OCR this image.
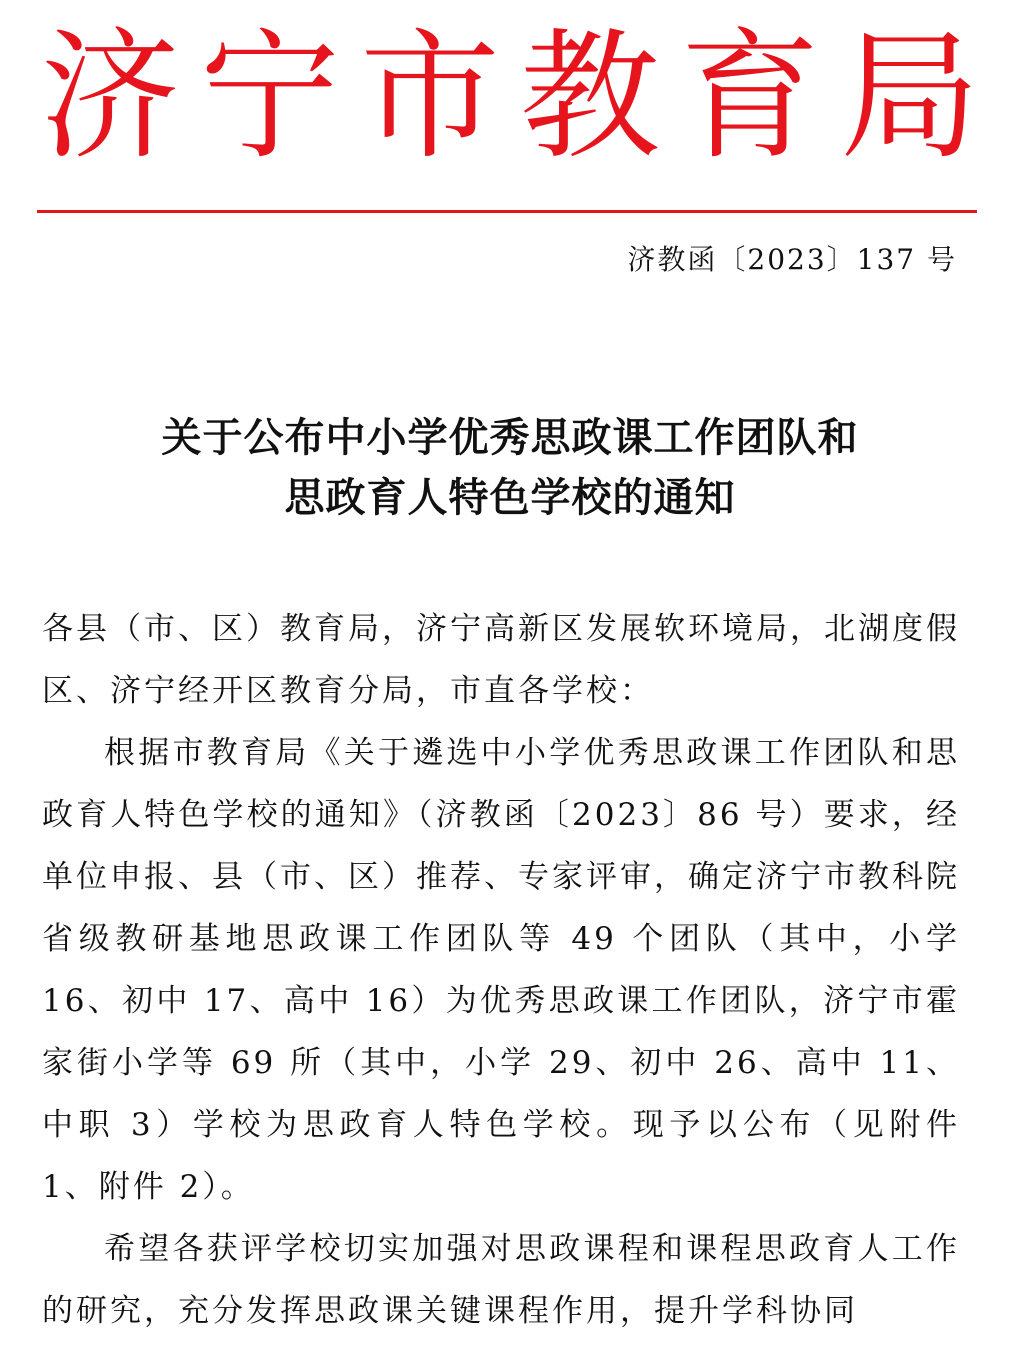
济 宁 市 教 育 局
济教函〔2023〕137 号
关于公布中小学优秀思政课工作团队和
思政育人特色学校的通知

各县（市、区）教育局，济宁高新区发展软环境局，北湖度假区、济宁经开区教育分局，市直各学校：

根据市教育局《关于遴选中小学优秀思政课工作团队和思政育人特色学校的通知》（济教函〔2023〕86 号）要求，经单位申报、县（市、区）推荐、专家评审，确定济宁市教科院省级教研基地思政课工作团队等 49 个团队（其中，小学 16、初中 17、高中 16）为优秀思政课工作团队，济宁市霍家街小学等 69 所（其中，小学 29、初中 26、高中 11、中职 3）学校为思政育人特色学校。现予以公布（见附件 1、附件 2）。

希望各获评学校切实加强对思政课程和课程思政育人工作的研究，充分发挥思政课关键课程作用，提升学科协同
